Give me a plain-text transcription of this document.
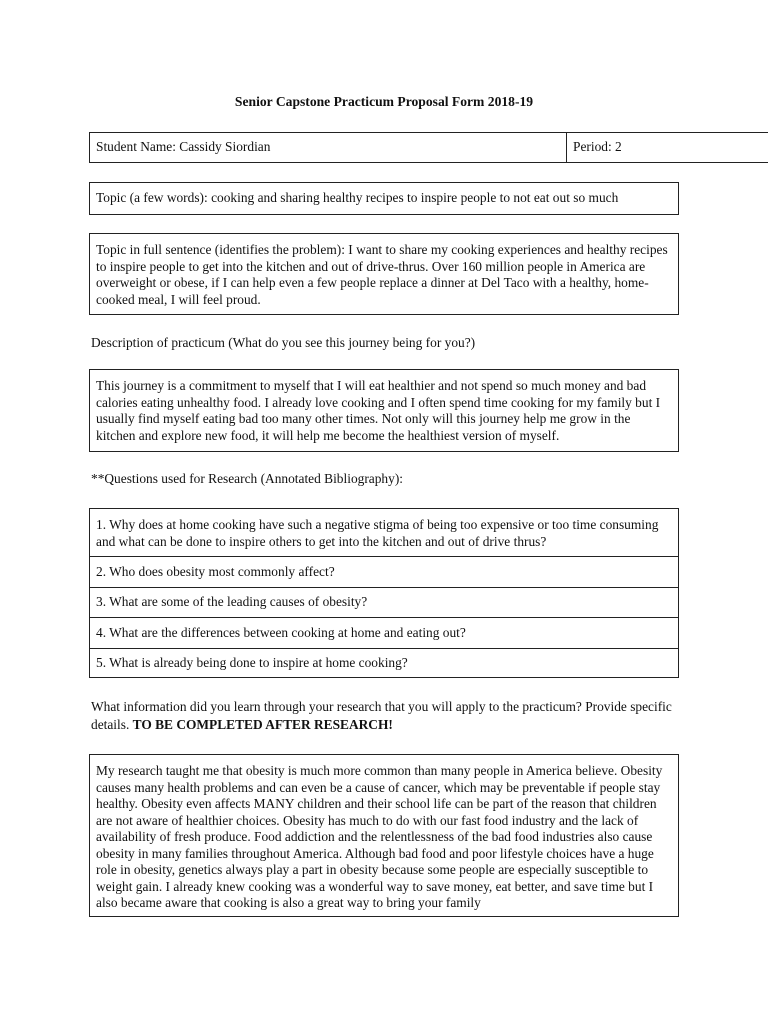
Senior Capstone Practicum Proposal Form 2018-19
Student Name: Cassidy Siordian	Period: 2
Topic (a few words): cooking and sharing healthy recipes to inspire people to not eat out so much
Topic in full sentence (identifies the problem): I want to share my cooking experiences and healthy recipes to inspire people to get into the kitchen and out of drive-thrus. Over 160 million people in America are overweight or obese, if I can help even a few people replace a dinner at Del Taco with a healthy, home-cooked meal, I will feel proud.
Description of practicum (What do you see this journey being for you?)
This journey is a commitment to myself that I will eat healthier and not spend so much money and bad calories eating unhealthy food. I already love cooking and I often spend time cooking for my family but I usually find myself eating bad too many other times. Not only will this journey help me grow in the kitchen and explore new food, it will help me become the healthiest version of myself.
**Questions used for Research (Annotated Bibliography):
1. Why does at home cooking have such a negative stigma of being too expensive or too time consuming and what can be done to inspire others to get into the kitchen and out of drive thrus?
2. Who does obesity most commonly affect?
3. What are some of the leading causes of obesity?
4. What are the differences between cooking at home and eating out?
5. What is already being done to inspire at home cooking?
What information did you learn through your research that you will apply to the practicum? Provide specific details. TO BE COMPLETED AFTER RESEARCH!
My research taught me that obesity is much more common than many people in America believe. Obesity causes many health problems and can even be a cause of cancer, which may be preventable if people stay healthy. Obesity even affects MANY children and their school life can be part of the reason that children are not aware of healthier choices. Obesity has much to do with our fast food industry and the lack of availability of fresh produce. Food addiction and the relentlessness of the bad food industries also cause obesity in many families throughout America. Although bad food and poor lifestyle choices have a huge role in obesity, genetics always play a part in obesity because some people are especially susceptible to weight gain. I already knew cooking was a wonderful way to save money, eat better, and save time but I also became aware that cooking is also a great way to bring your family
